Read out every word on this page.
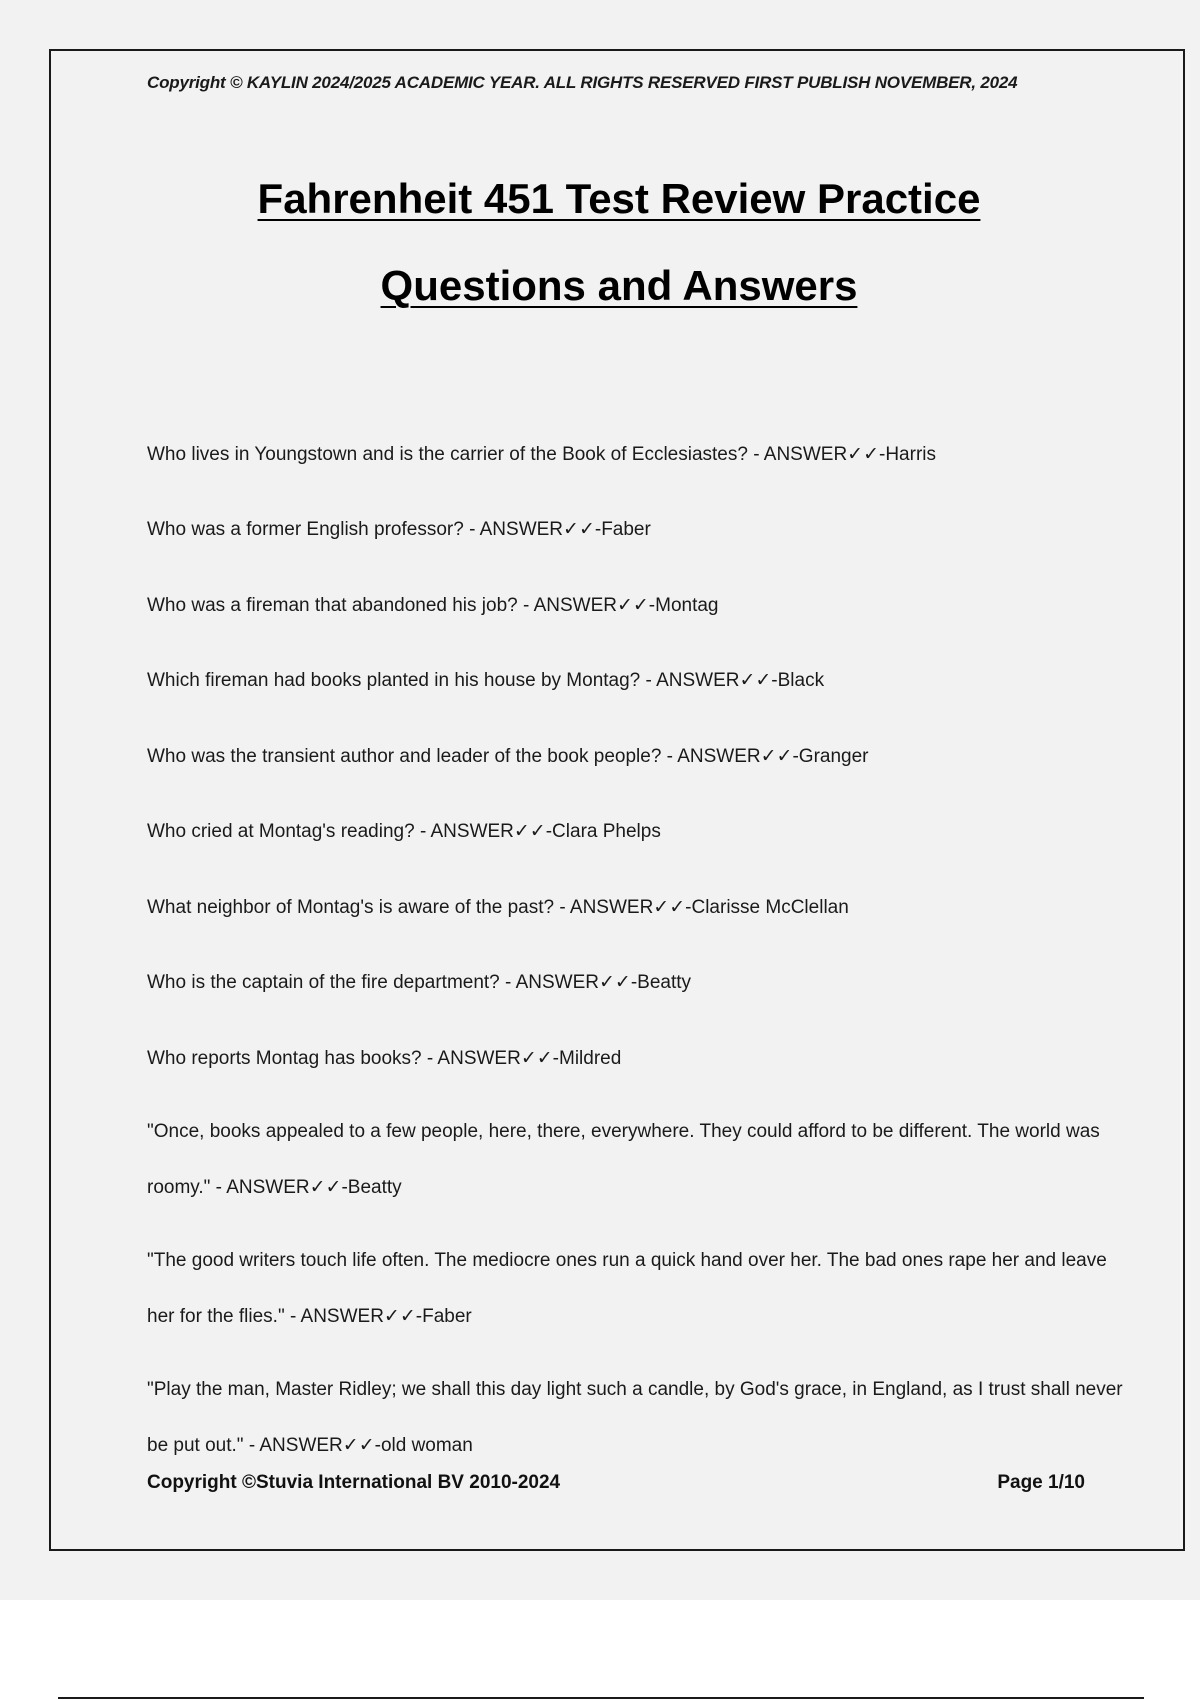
Copyright © KAYLIN 2024/2025 ACADEMIC YEAR. ALL RIGHTS RESERVED FIRST PUBLISH NOVEMBER, 2024
Fahrenheit 451 Test Review Practice
Questions and Answers
Who lives in Youngstown and is the carrier of the Book of Ecclesiastes? - ANSWER✓✓-Harris
Who was a former English professor? - ANSWER✓✓-Faber
Who was a fireman that abandoned his job? - ANSWER✓✓-Montag
Which fireman had books planted in his house by Montag? - ANSWER✓✓-Black
Who was the transient author and leader of the book people? - ANSWER✓✓-Granger
Who cried at Montag's reading? - ANSWER✓✓-Clara Phelps
What neighbor of Montag's is aware of the past? - ANSWER✓✓-Clarisse McClellan
Who is the captain of the fire department? - ANSWER✓✓-Beatty
Who reports Montag has books? - ANSWER✓✓-Mildred
"Once, books appealed to a few people, here, there, everywhere. They could afford to be different. The world was roomy." - ANSWER✓✓-Beatty
"The good writers touch life often. The mediocre ones run a quick hand over her. The bad ones rape her and leave her for the flies." - ANSWER✓✓-Faber
"Play the man, Master Ridley; we shall this day light such a candle, by God's grace, in England, as I trust shall never be put out." - ANSWER✓✓-old woman
Copyright ©Stuvia International BV 2010-2024	Page 1/10
